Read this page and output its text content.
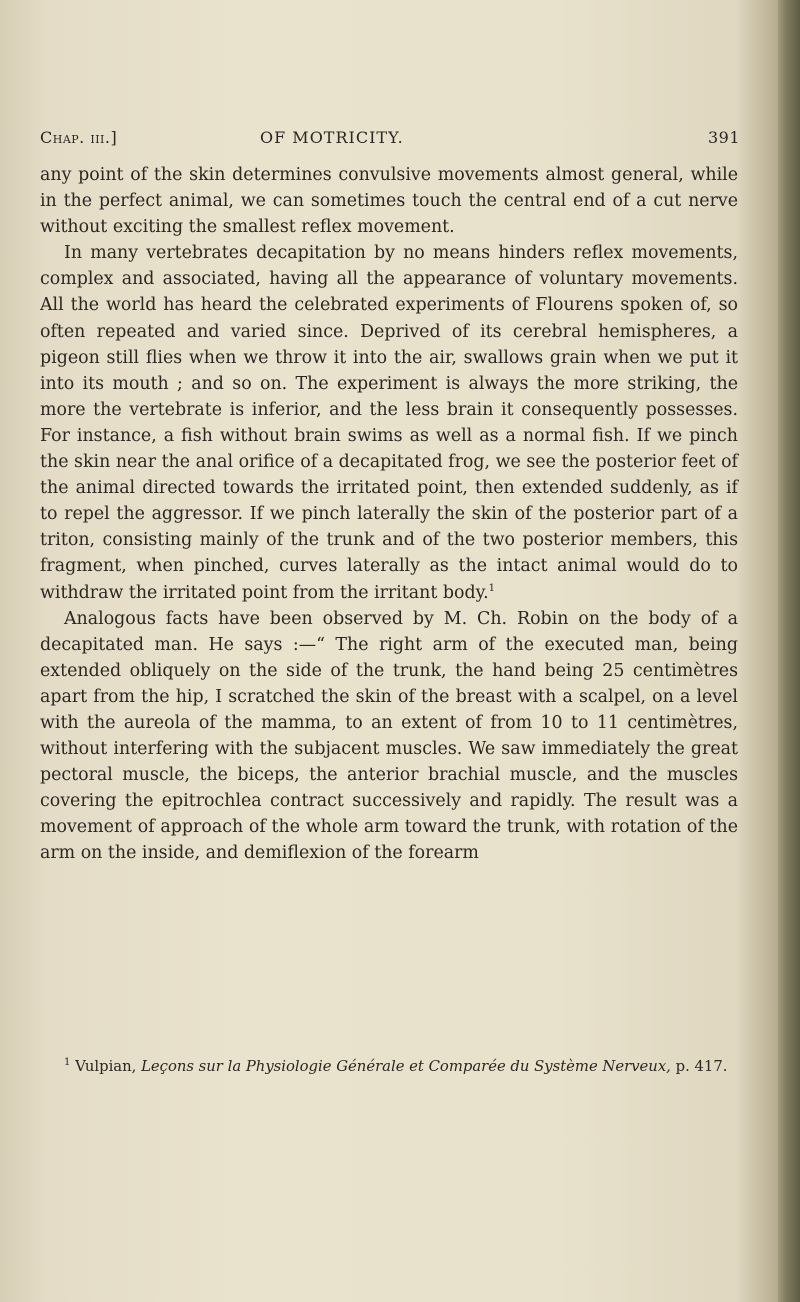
Chap. iii.]	OF MOTRICITY.	391

any point of the skin determines convulsive movements almost general, while in the perfect animal, we can sometimes touch the central end of a cut nerve without exciting the smallest reflex movement.

In many vertebrates decapitation by no means hinders reflex movements, complex and associated, having all the appearance of voluntary movements. All the world has heard the celebrated experiments of Flourens spoken of, so often repeated and varied since. Deprived of its cerebral hemispheres, a pigeon still flies when we throw it into the air, swallows grain when we put it into its mouth ; and so on. The experiment is always the more striking, the more the vertebrate is inferior, and the less brain it consequently possesses. For instance, a fish without brain swims as well as a normal fish. If we pinch the skin near the anal orifice of a decapitated frog, we see the posterior feet of the animal directed towards the irritated point, then extended suddenly, as if to repel the aggressor. If we pinch laterally the skin of the posterior part of a triton, consisting mainly of the trunk and of the two posterior members, this fragment, when pinched, curves laterally as the intact animal would do to withdraw the irritated point from the irritant body.$^1$

Analogous facts have been observed by M. Ch. Robin on the body of a decapitated man. He says :—“ The right arm of the executed man, being extended obliquely on the side of the trunk, the hand being 25 centimètres apart from the hip, I scratched the skin of the breast with a scalpel, on a level with the aureola of the mamma, to an extent of from 10 to 11 centimètres, without interfering with the subjacent muscles. We saw immediately the great pectoral muscle, the biceps, the anterior brachial muscle, and the muscles covering the epitrochlea contract successively and rapidly. The result was a movement of approach of the whole arm toward the trunk, with rotation of the arm on the inside, and demiflexion of the forearm

$^1$ Vulpian, Leçons sur la Physiologie Générale et Comparée du Système Nerveux, p. 417.
